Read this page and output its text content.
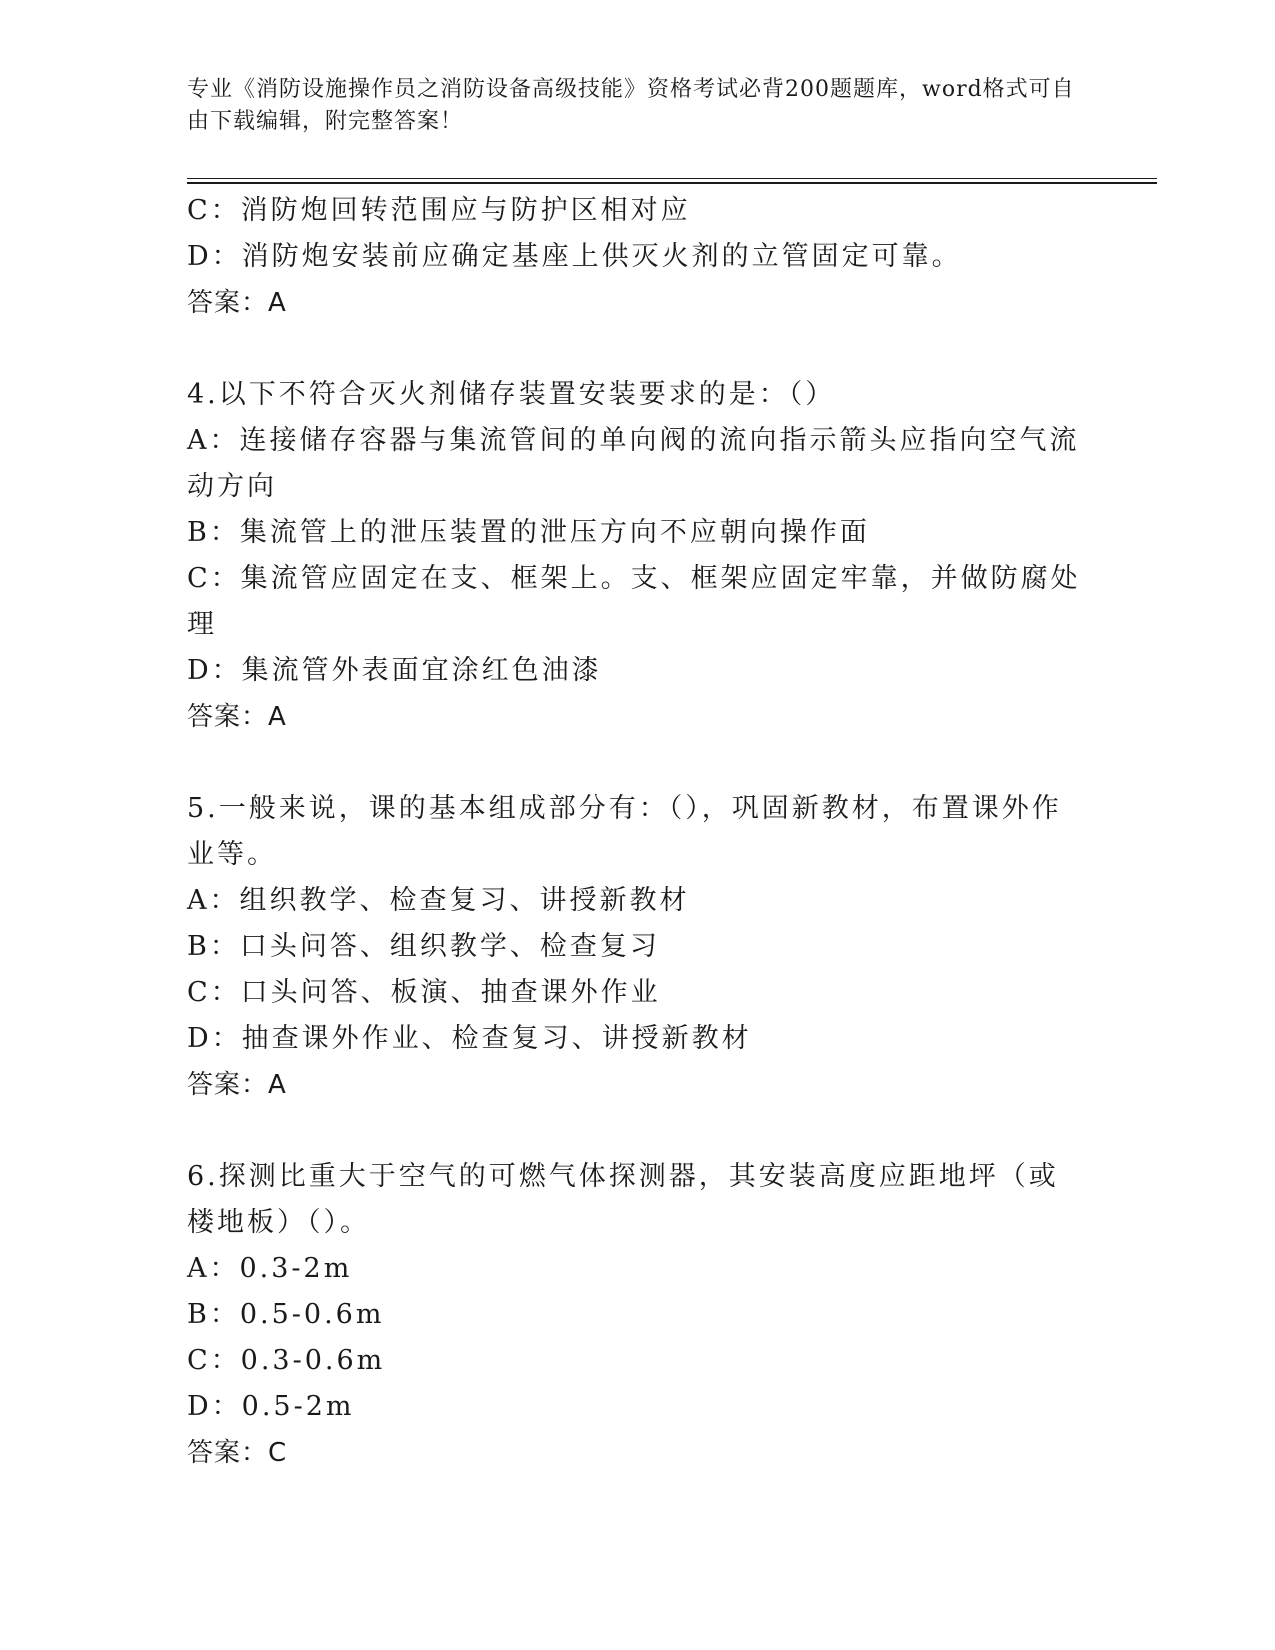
专业《消防设施操作员之消防设备高级技能》资格考试必背200题题库，word格式可自由下载编辑，附完整答案！
C：消防炮回转范围应与防护区相对应
D：消防炮安装前应确定基座上供灭火剂的立管固定可靠。
答案：A
4.以下不符合灭火剂储存装置安装要求的是：（）
A：连接储存容器与集流管间的单向阀的流向指示箭头应指向空气流动方向
B：集流管上的泄压装置的泄压方向不应朝向操作面
C：集流管应固定在支、框架上。支、框架应固定牢靠，并做防腐处理
D：集流管外表面宜涂红色油漆
答案：A
5.一般来说，课的基本组成部分有：（），巩固新教材，布置课外作业等。
A：组织教学、检查复习、讲授新教材
B：口头问答、组织教学、检查复习
C：口头问答、板演、抽查课外作业
D：抽查课外作业、检查复习、讲授新教材
答案：A
6.探测比重大于空气的可燃气体探测器，其安装高度应距地坪（或楼地板）（）。
A：0.3-2m
B：0.5-0.6m
C：0.3-0.6m
D：0.5-2m
答案：C
